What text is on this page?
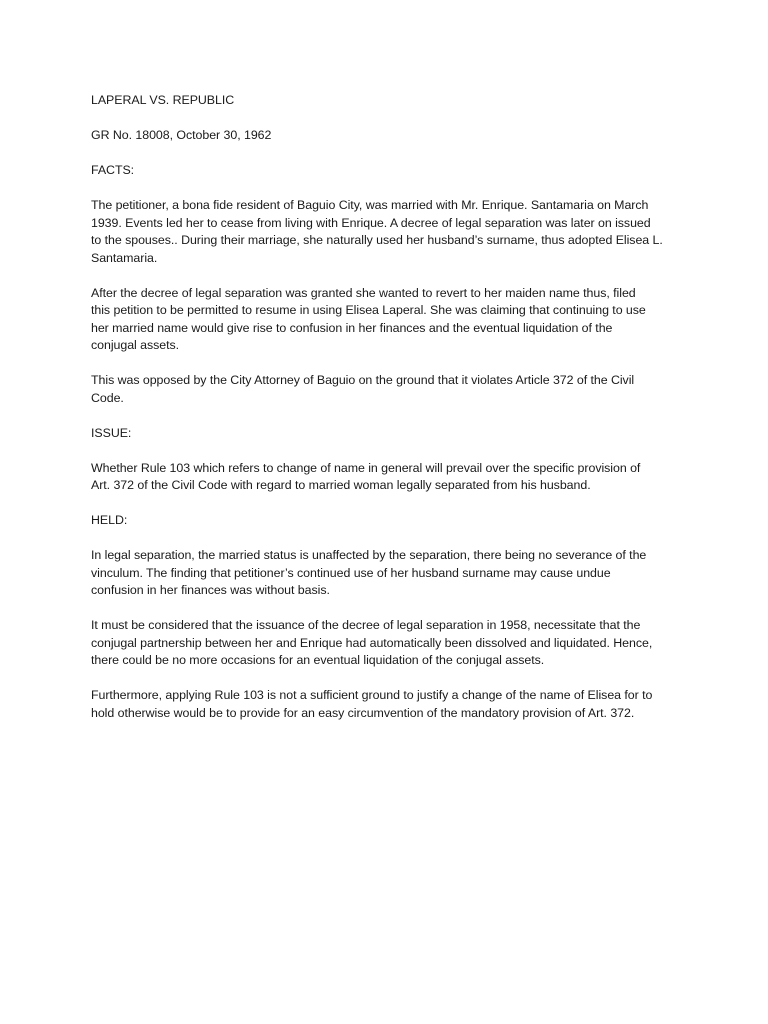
LAPERAL VS. REPUBLIC

GR No. 18008, October 30, 1962

FACTS:

The petitioner, a bona fide resident of Baguio City, was married with Mr. Enrique. Santamaria on March
1939. Events led her to cease from living with Enrique. A decree of legal separation was later on issued
to the spouses.. During their marriage, she naturally used her husband’s surname, thus adopted Elisea L.
Santamaria.

After the decree of legal separation was granted she wanted to revert to her maiden name thus, filed
this petition to be permitted to resume in using Elisea Laperal. She was claiming that continuing to use
her married name would give rise to confusion in her finances and the eventual liquidation of the
conjugal assets.

This was opposed by the City Attorney of Baguio on the ground that it violates Article 372 of the Civil
Code.

ISSUE:

Whether Rule 103 which refers to change of name in general will prevail over the specific provision of
Art. 372 of the Civil Code with regard to married woman legally separated from his husband.

HELD:

In legal separation, the married status is unaffected by the separation, there being no severance of the
vinculum. The finding that petitioner’s continued use of her husband surname may cause undue
confusion in her finances was without basis.

It must be considered that the issuance of the decree of legal separation in 1958, necessitate that the
conjugal partnership between her and Enrique had automatically been dissolved and liquidated. Hence,
there could be no more occasions for an eventual liquidation of the conjugal assets.

Furthermore, applying Rule 103 is not a sufficient ground to justify a change of the name of Elisea for to
hold otherwise would be to provide for an easy circumvention of the mandatory provision of Art. 372.
